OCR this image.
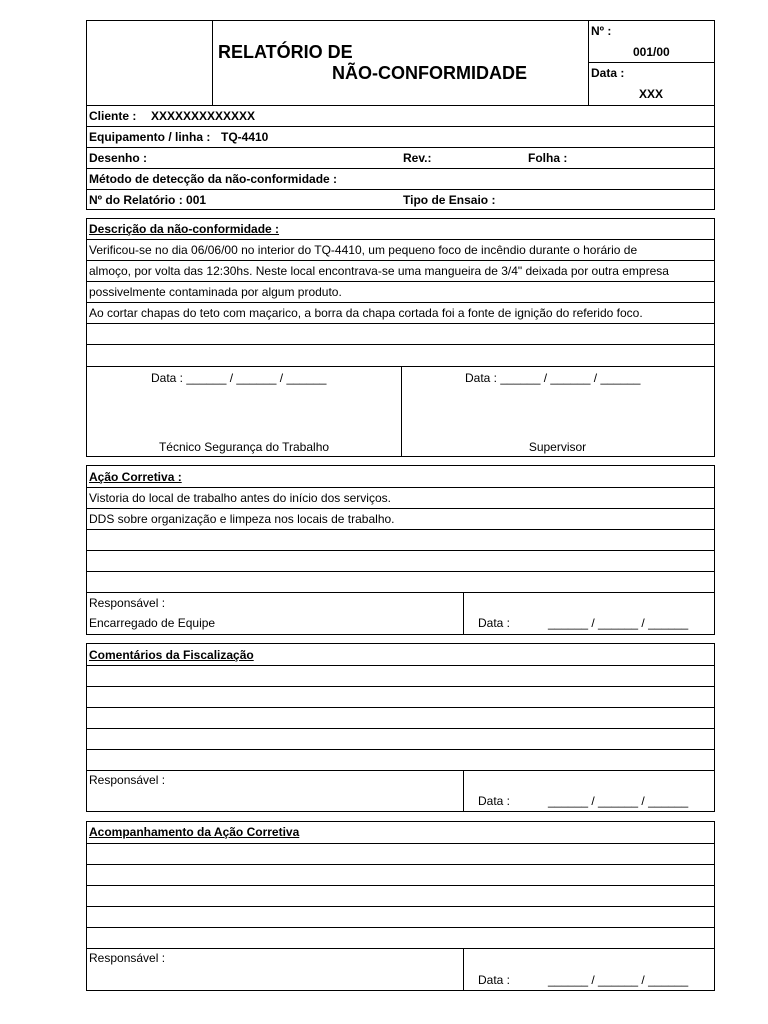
RELATÓRIO DE
NÃO-CONFORMIDADE
Nº :
001/00
Data :
XXX
Cliente : XXXXXXXXXXXXX
Equipamento / linha : TQ-4410
Desenho :	Rev.:	Folha :
Método de detecção da não-conformidade :
Nº do Relatório : 001	Tipo de Ensaio :
Descrição da não-conformidade :
Verificou-se no dia 06/06/00 no interior do TQ-4410, um pequeno foco de incêndio durante o horário de
almoço, por volta das 12:30hs. Neste local encontrava-se uma mangueira de 3/4" deixada por outra empresa
possivelmente contaminada por algum produto.
Ao cortar chapas do teto com maçarico, a borra da chapa cortada foi a fonte de ignição do referido foco.
Data : ______ / ______ / ______	Data : ______ / ______ / ______
Técnico Segurança do Trabalho	Supervisor
Ação Corretiva :
Vistoria do local de trabalho antes do início dos serviços.
DDS sobre organização e limpeza nos locais de trabalho.
Responsável :
Encarregado de Equipe	Data :	______ / ______ / ______
Comentários da Fiscalização
Responsável :
Data :	______ / ______ / ______
Acompanhamento da Ação Corretiva
Responsável :
Data :	______ / ______ / ______
